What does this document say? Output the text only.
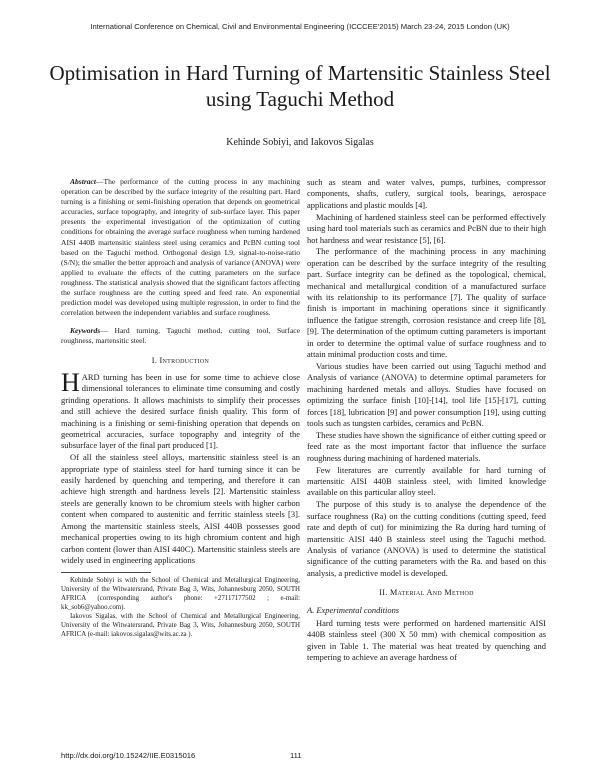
International Conference on Chemical, Civil and Environmental Engineering (ICCCEE'2015) March 23-24, 2015 London (UK)
Optimisation in Hard Turning of Martensitic Stainless Steel using Taguchi Method
Kehinde Sobiyi, and Iakovos Sigalas

Abstract—The performance of the cutting process in any machining operation can be described by the surface integrity of the resulting part. Hard turning is a finishing or semi-finishing operation that depends on geometrical accuracies, surface topography, and integrity of sub-surface layer. This paper presents the experimental investigation of the optimization of cutting conditions for obtaining the average surface roughness when turning hardened AISI 440B martensitic stainless steel using ceramics and PcBN cutting tool based on the Taguchi method. Orthogonal design L9, signal-to-noise-ratio (S/N); the smaller the better approach and analysis of variance (ANOVA) were applied to evaluate the effects of the cutting parameters on the surface roughness. The statistical analysis showed that the significant factors affecting the surface roughness are the cutting speed and feed rate. An exponential prediction model was developed using multiple regression, in order to find the correlation between the independent variables and surface roughness.

Keywords— Hard turning, Taguchi method, cutting tool, Surface roughness, martensitic steel.

I. Introduction

HARD turning has been in use for some time to achieve close dimensional tolerances to eliminate time consuming and costly grinding operations. It allows machinists to simplify their processes and still achieve the desired surface finish quality. This form of machining is a finishing or semi-finishing operation that depends on geometrical accuracies, surface topography and integrity of the subsurface layer of the final part produced [1].

Of all the stainless steel alloys, martensitic stainless steel is an appropriate type of stainless steel for hard turning since it can be easily hardened by quenching and tempering, and therefore it can achieve high strength and hardness levels [2]. Martensitic stainless steels are generally known to be chromium steels with higher carbon content when compared to austenitic and ferritic stainless steels [3]. Among the martensitic stainless steels, AISI 440B possesses good mechanical properties owing to its high chromium content and high carbon content (lower than AISI 440C). Martensitic stainless steels are widely used in engineering applications

Kehinde Sobiyi is with the School of Chemical and Metallurgical Engineering, University of the Witwatersrand, Private Bag 3, Wits, Johannesburg 2050, SOUTH AFRICA (corresponding author's phone: +27117177502 ; e-mail: kk_sob6@yahoo.com).

Iakovos Sigalas, with the School of Chemical and Metallurgical Engineering, University of the Witwatersrand, Private Bag 3, Wits, Johannesburg 2050, SOUTH AFRICA (e-mail: iakovos.sigalas@wits.ac.za ).

such as steam and water valves, pumps, turbines, compressor components, shafts, cutlery, surgical tools, bearings, aerospace applications and plastic moulds [4].

Machining of hardened stainless steel can be performed effectively using hard tool materials such as ceramics and PcBN due to their high hot hardness and wear resistance [5], [6].

The performance of the machining process in any machining operation can be described by the surface integrity of the resulting part. Surface integrity can be defined as the topological, chemical, mechanical and metallurgical condition of a manufactured surface with its relationship to its performance [7]. The quality of surface finish is important in machining operations since it significantly influence the fatigue strength, corrosion resistance and creep life [8], [9]. The determination of the optimum cutting parameters is important in order to determine the optimal value of surface roughness and to attain minimal production costs and time.

Various studies have been carried out using Taguchi method and Analysis of variance (ANOVA) to determine optimal parameters for machining hardened metals and alloys. Studies have focused on optimizing the surface finish [10]-[14], tool life [15]-[17], cutting forces [18], lubrication [9] and power consumption [19], using cutting tools such as tungsten carbides, ceramics and PcBN.

These studies have shown the significance of either cutting speed or feed rate as the most important factor that influence the surface roughness during machining of hardened materials.

Few literatures are currently available for hard turning of martensitic AISI 440B stainless steel, with limited knowledge available on this particular alloy steel.

The purpose of this study is to analyse the dependence of the surface roughness (Ra) on the cutting conditions (cutting speed, feed rate and depth of cut) for minimizing the Ra during hard turning of martensitic AISI 440 B stainless steel using the Taguchi method. Analysis of variance (ANOVA) is used to determine the statistical significance of the cutting parameters with the Ra. and based on this analysis, a predictive model is developed.

II. Material And Method
A. Experimental conditions

Hard turning tests were performed on hardened martensitic AISI 440B stainless steel (300 X 50 mm) with chemical composition as given in Table 1. The material was heat treated by quenching and tempering to achieve an average hardness of

http://dx.doi.org/10.15242/IIE.E0315016	111
